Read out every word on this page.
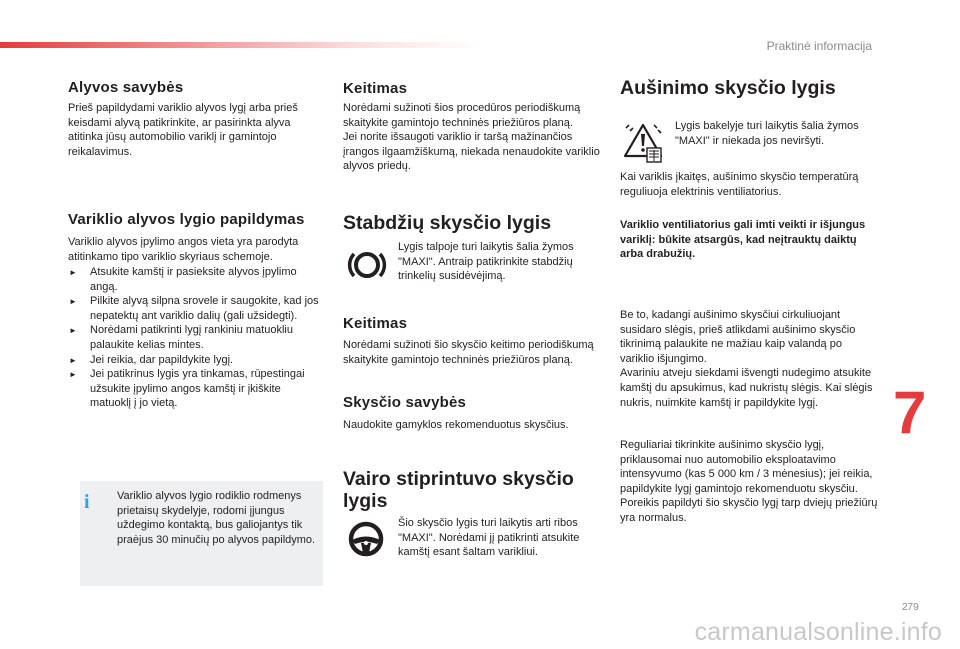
Praktinė informacija
Alyvos savybės

Prieš papildydami variklio alyvos lygį arba prieš keisdami alyvą patikrinkite, ar pasirinkta alyva atitinka jūsų automobilio variklį ir gamintojo reikalavimus.

Variklio alyvos lygio papildymas

Variklio alyvos įpylimo angos vieta yra parodyta atitinkamo tipo variklio skyriaus schemoje.

► Atsukite kamštį ir pasieksite alyvos įpylimo angą.
► Pilkite alyvą silpna srovele ir saugokite, kad jos nepatektų ant variklio dalių (gali užsidegti).
► Norėdami patikrinti lygį rankiniu matuokliu palaukite kelias mintes.
► Jei reikia, dar papildykite lygį.
► Jei patikrinus lygis yra tinkamas, rūpestingai užsukite įpylimo angos kamštį ir įkiškite matuoklį į jo vietą.
i	Variklio alyvos lygio rodiklio rodmenys prietaisų skydelyje, rodomi įjungus uždegimo kontaktą, bus galiojantys tik praėjus 30 minučių po alyvos papildymo.

Keitimas

Norėdami sužinoti šios procedūros periodiškumą skaitykite gamintojo techninės priežiūros planą.
Jei norite išsaugoti variklio ir taršą mažinančios įrangos ilgaamžiškumą, niekada nenaudokite variklio alyvos priedų.

Stabdžių skysčio lygis

Lygis talpoje turi laikytis šalia žymos "MAXI". Antraip patikrinkite stabdžių trinkelių susidėvėjimą.

Keitimas

Norėdami sužinoti šio skysčio keitimo periodiškumą skaitykite gamintojo techninės priežiūros planą.

Skysčio savybės

Naudokite gamyklos rekomenduotus skysčius.

Vairo stiprintuvo skysčio lygis

Šio skysčio lygis turi laikytis arti ribos "MAXI". Norėdami jį patikrinti atsukite kamštį esant šaltam varikliui.

Aušinimo skysčio lygis

Lygis bakelyje turi laikytis šalia žymos "MAXI" ir niekada jos neviršyti.

Kai variklis įkaitęs, aušinimo skysčio temperatūrą reguliuoja elektrinis ventiliatorius.

Variklio ventiliatorius gali imti veikti ir išjungus variklį: būkite atsargūs, kad neįtrauktų daiktų arba drabužių.

Be to, kadangi aušinimo skysčiui cirkuliuojant susidaro slėgis, prieš atlikdami aušinimo skysčio tikrinimą palaukite ne mažiau kaip valandą po variklio išjungimo.
Avariniu atveju siekdami išvengti nudegimo atsukite kamštį du apsukimus, kad nukristų slėgis. Kai slėgis nukris, nuimkite kamštį ir papildykite lygį.

Reguliariai tikrinkite aušinimo skysčio lygį, priklausomai nuo automobilio eksploatavimo intensyvumo (kas 5 000 km / 3 mėnesius); jei reikia, papildykite lygį gamintojo rekomenduotu skysčiu.
Poreikis papildyti šio skysčio lygį tarp dviejų priežiūrų yra normalus.

7
279
carmanualsonline.info
